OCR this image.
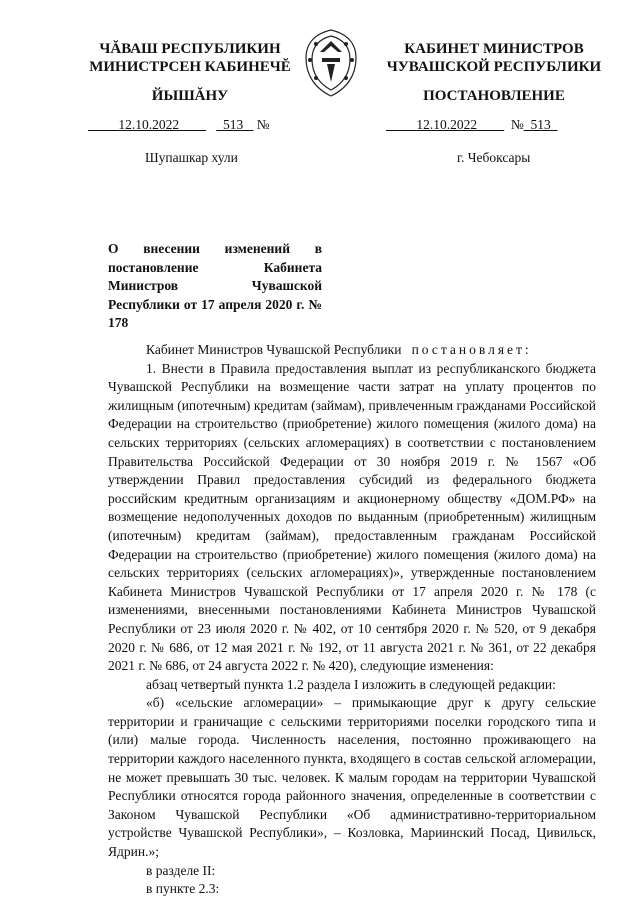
ЧĂВАШ РЕСПУБЛИКИН
МИНИСТРСЕН КАБИНЕЧĔ
ЙЫШĂНУ
КАБИНЕТ МИНИСТРОВ
ЧУВАШСКОЙ РЕСПУБЛИКИ
ПОСТАНОВЛЕНИЕ
12.10.2022	513 №	12.10.2022	№ 513
Шупашкар хули	г. Чебоксары
О внесении изменений в постановление Кабинета Министров Чувашской Республики от 17 апреля 2020 г. № 178

Кабинет Министров Чувашской Республики постановляет:

1. Внести в Правила предоставления выплат из республиканского бюджета Чувашской Республики на возмещение части затрат на уплату процентов по жилищным (ипотечным) кредитам (займам), привлеченным гражданами Российской Федерации на строительство (приобретение) жилого помещения (жилого дома) на сельских территориях (сельских агломерациях) в соответствии с постановлением Правительства Российской Федерации от 30 ноября 2019 г. № 1567 «Об утверждении Правил предоставления субсидий из федерального бюджета российским кредитным организациям и акционерному обществу «ДОМ.РФ» на возмещение недополученных доходов по выданным (приобретенным) жилищным (ипотечным) кредитам (займам), предоставленным гражданам Российской Федерации на строительство (приобретение) жилого помещения (жилого дома) на сельских территориях (сельских агломерациях)», утвержденные постановлением Кабинета Министров Чувашской Республики от 17 апреля 2020 г. № 178 (с изменениями, внесенными постановлениями Кабинета Министров Чувашской Республики от 23 июля 2020 г. № 402, от 10 сентября 2020 г. № 520, от 9 декабря 2020 г. № 686, от 12 мая 2021 г. № 192, от 11 августа 2021 г. № 361, от 22 декабря 2021 г. № 686, от 24 августа 2022 г. № 420), следующие изменения:

абзац четвертый пункта 1.2 раздела I изложить в следующей редакции:

«б) «сельские агломерации» – примыкающие друг к другу сельские территории и граничащие с сельскими территориями поселки городского типа и (или) малые города. Численность населения, постоянно проживающего на территории каждого населенного пункта, входящего в состав сельской агломерации, не может превышать 30 тыс. человек. К малым городам на территории Чувашской Республики относятся города районного значения, определенные в соответствии с Законом Чувашской Республики «Об административно-территориальном устройстве Чувашской Республики», – Козловка, Мариинский Посад, Цивильск, Ядрин.»;

в разделе II:

в пункте 2.3:
